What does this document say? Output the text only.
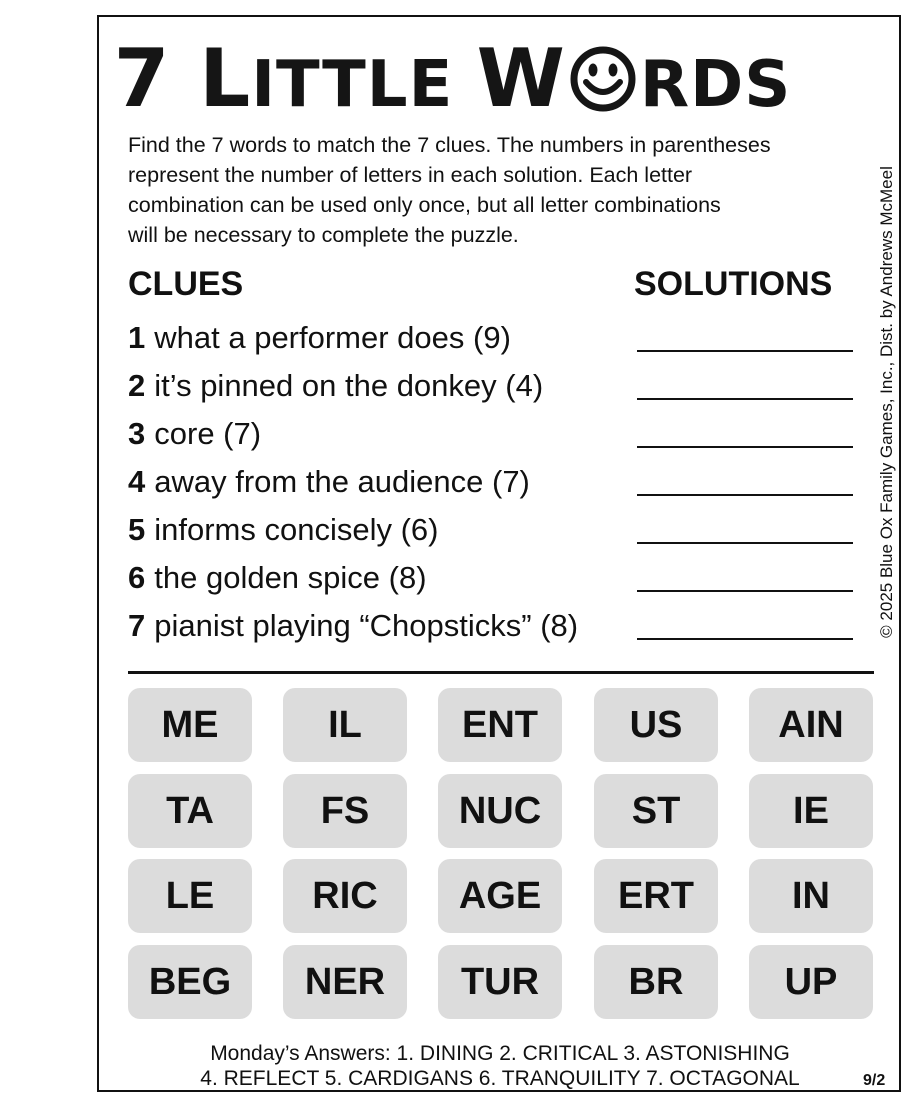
7 LITTLE W RDS
Find the 7 words to match the 7 clues. The numbers in parentheses
represent the number of letters in each solution. Each letter
combination can be used only once, but all letter combinations
will be necessary to complete the puzzle.	© 2025 Blue Ox Family Games, Inc., Dist. by Andrews McMeel
CLUES	SOLUTIONS
1 what a performer does (9)
2 it’s pinned on the donkey (4)
3 core (7)
4 away from the audience (7)
5 informs concisely (6)
6 the golden spice (8)
7 pianist playing “Chopsticks” (8)
ME	IL	ENT	US	AIN
TA	FS	NUC	ST	IE
LE	RIC	AGE	ERT	IN
BEG	NER	TUR	BR	UP
Monday’s Answers: 1. DINING 2. CRITICAL 3. ASTONISHING
4. REFLECT 5. CARDIGANS 6. TRANQUILITY 7. OCTAGONAL	9/2
